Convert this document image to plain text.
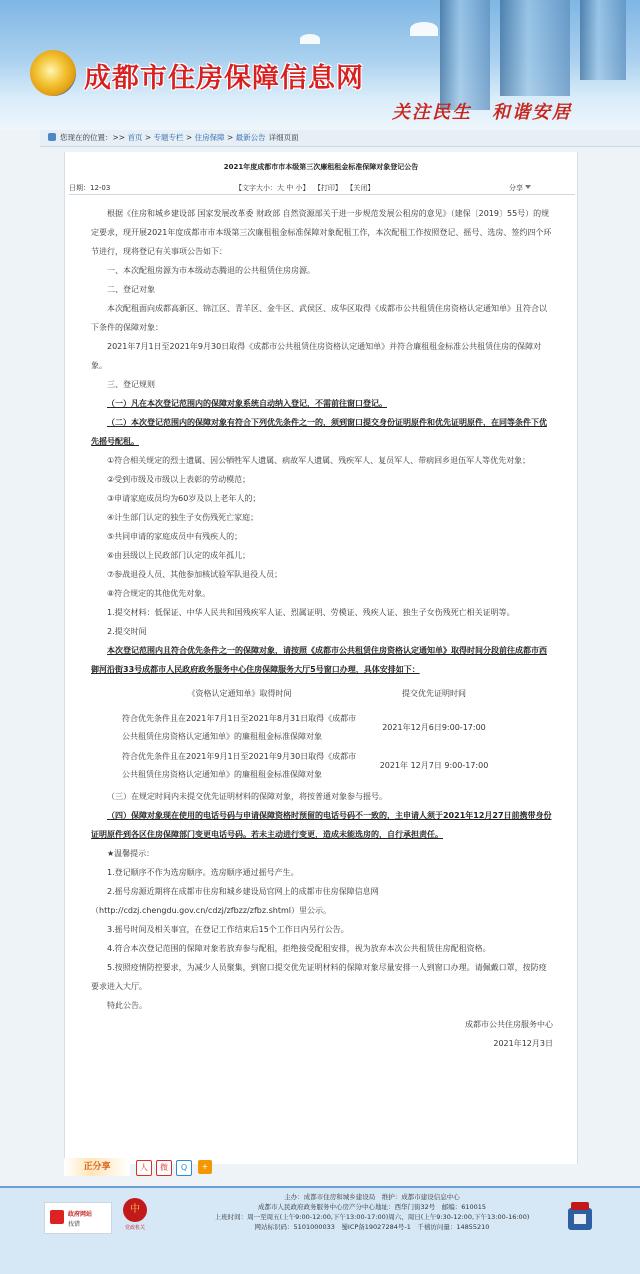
成都市住房保障信息网
关注民生　和谐安居
您现在的位置：>> 首页 > 专题专栏 > 住房保障 > 最新公告 详细页面
2021年度成都市市本级第三次廉租租金标准保障对象登记公告
日期：12-03	【文字大小：大 中 小】 【打印】 【关闭】	分享

根据《住房和城乡建设部 国家发展改革委 财政部 自然资源部关于进一步规范发展公租房的意见》（建保〔2019〕55号）的规定要求，现开展2021年度成都市市本级第三次廉租租金标准保障对象配租工作，本次配租工作按照登记、摇号、选房、签约四个环节进行，现将登记有关事项公告如下：

一、本次配租房源为市本级动态腾退的公共租赁住房房源。

二、登记对象

本次配租面向成都高新区、锦江区、青羊区、金牛区、武侯区、成华区取得《成都市公共租赁住房资格认定通知单》且符合以下条件的保障对象：

2021年7月1日至2021年9月30日取得《成都市公共租赁住房资格认定通知单》并符合廉租租金标准公共租赁住房的保障对象。

三、登记规则

（一）凡在本次登记范围内的保障对象系统自动纳入登记，不需前往窗口登记。

（二）本次登记范围内的保障对象有符合下列优先条件之一的，须到窗口提交身份证明原件和优先证明原件，在同等条件下优先摇号配租。

①符合相关规定的烈士遗属、因公牺牲军人遗属、病故军人遗属、残疾军人、复员军人、带病回乡退伍军人等优先对象；

②受到市级及市级以上表彰的劳动模范；

③申请家庭成员均为60岁及以上老年人的；

④计生部门认定的独生子女伤残死亡家庭；

⑤共同申请的家庭成员中有残疾人的；

⑥由县级以上民政部门认定的成年孤儿；

⑦参战退役人员、其他参加核试验军队退役人员；

⑧符合规定的其他优先对象。

1.提交材料：低保证、中华人民共和国残疾军人证、烈属证明、劳模证、残疾人证、独生子女伤残死亡相关证明等。

2.提交时间

本次登记范围内且符合优先条件之一的保障对象，请按照《成都市公共租赁住房资格认定通知单》取得时间分段前往成都市西御河沿街33号成都市人民政府政务服务中心住房保障服务大厅5号窗口办理，具体安排如下：

《资格认定通知单》取得时间	提交优先证明时间
符合优先条件且在2021年7月1日至2021年8月31日取得《成都市公共租赁住房资格认定通知单》的廉租租金标准保障对象	2021年12月6日9:00-17:00
符合优先条件且在2021年9月1日至2021年9月30日取得《成都市公共租赁住房资格认定通知单》的廉租租金标准保障对象	2021年 12月7日 9:00-17:00

（三）在规定时间内未提交优先证明材料的保障对象，将按普通对象参与摇号。

（四）保障对象现在使用的电话号码与申请保障资格时预留的电话号码不一致的，主申请人须于2021年12月27日前携带身份证明原件到各区住房保障部门变更电话号码。若未主动进行变更，造成未能选房的，自行承担责任。

★温馨提示：

1.登记顺序不作为选房顺序。选房顺序通过摇号产生。

2.摇号房源近期将在成都市住房和城乡建设局官网上的成都市住房保障信息网（http://cdzj.chengdu.gov.cn/cdzj/zfbzz/zfbz.shtml）里公示。

3.摇号时间及相关事宜，在登记工作结束后15个工作日内另行公告。

4.符合本次登记范围的保障对象若放弃参与配租，拒绝接受配租安排，视为放弃本次公共租赁住房配租资格。

5.按照疫情防控要求，为减少人员聚集，到窗口提交优先证明材料的保障对象尽量安排一人到窗口办理。请佩戴口罩，按防疫要求进入大厅。

特此公告。

成都市公共住房服务中心

2021年12月3日

正分享	人	微	Q	+
政府网站
找错
中
党政机关
主办：成都市住房和城乡建设局　维护：成都市建设信息中心
成都市人民政府政务服务中心房产分中心地址：西华门街32号　邮编：610015
上班时间：周一至周五(上午9:00-12:00,下午13:00-17:00)周六、周日(上午9:30-12:00,下午13:00-16:00)
网站标识码：5101000033　蜀ICP备19027284号-1　千禧访问量：14855210
